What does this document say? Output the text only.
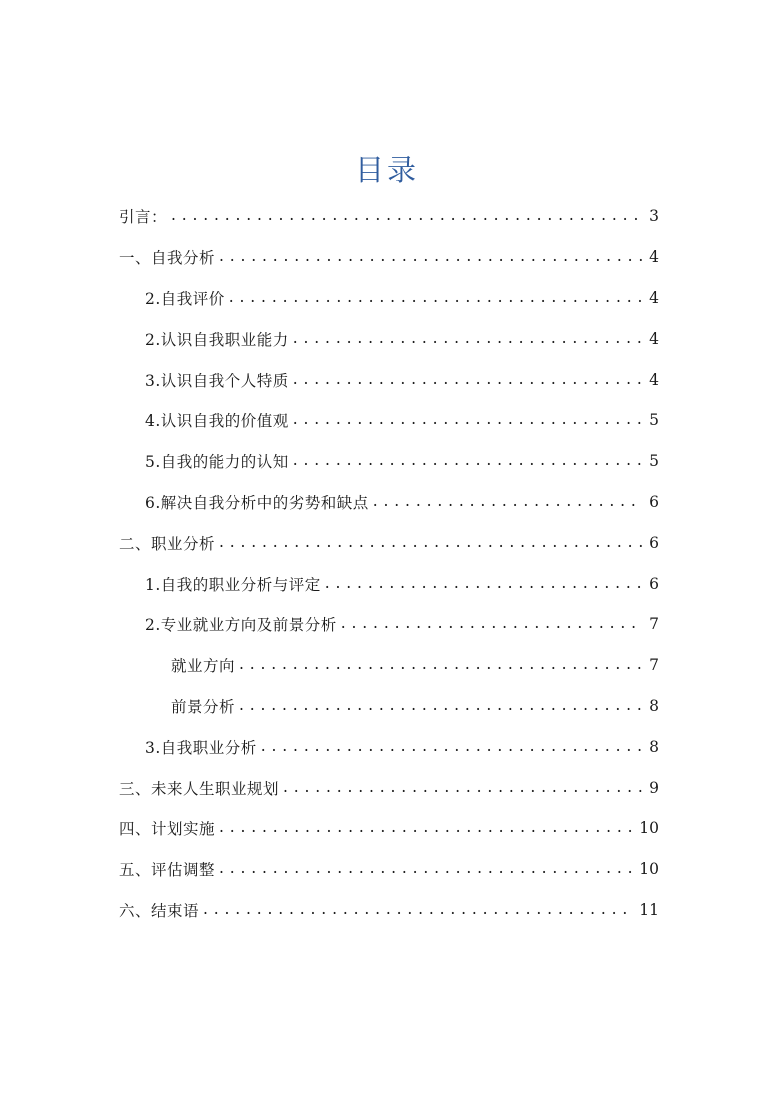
目录
引言： . . .	3
一、自我分析 . . .	4
2.自我评价 . . .	4
2.认识自我职业能力 . . .	4
3.认识自我个人特质 . . .	4
4.认识自我的价值观 . . .	5
5.自我的能力的认知 . . .	5
6.解决自我分析中的劣势和缺点 . . .	6
二、职业分析 . . .	6
1.自我的职业分析与评定 . . .	6
2.专业就业方向及前景分析 . . .	7
就业方向 . . .	7
前景分析 . . .	8
3.自我职业分析 . . .	8
三、未来人生职业规划 . . .	9
四、计划实施 . . .	10
五、评估调整 . . .	10
六、结束语 . . .	11
